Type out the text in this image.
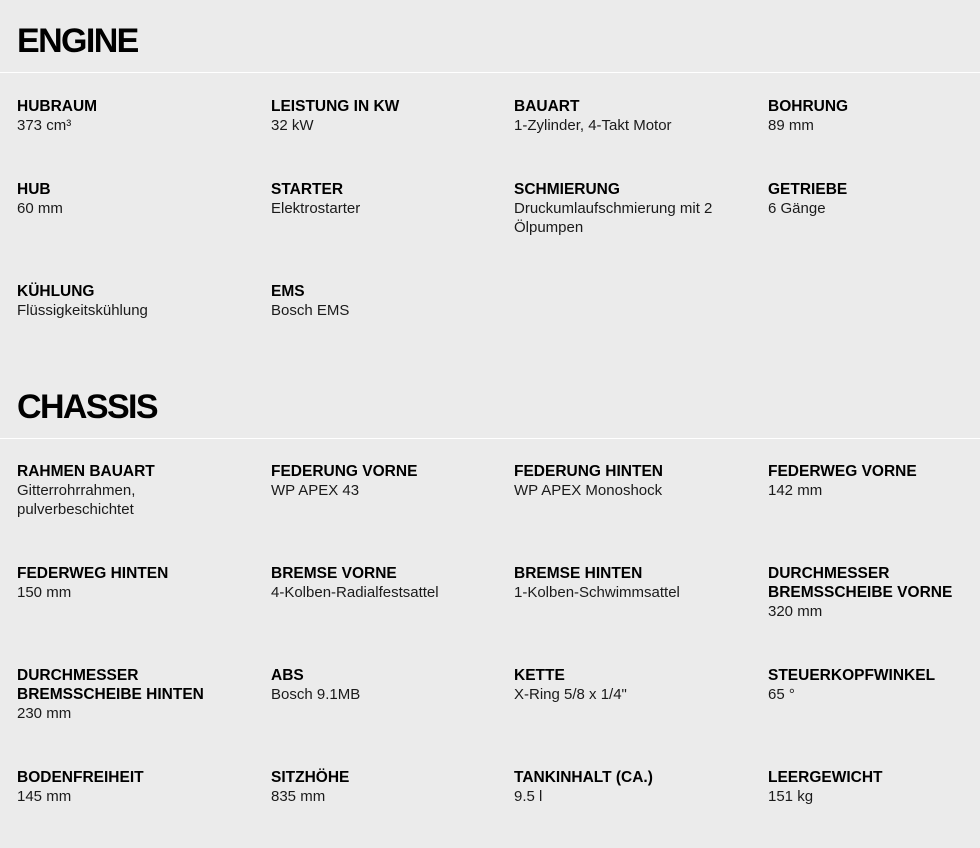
ENGINE

HUBRAUM

373 cm³

LEISTUNG IN KW

32 kW

BAUART

1-Zylinder, 4-Takt Motor

BOHRUNG

89 mm

HUB

60 mm

STARTER

Elektrostarter

SCHMIERUNG

Druckumlaufschmierung mit 2 Ölpumpen

GETRIEBE

6 Gänge

KÜHLUNG

Flüssigkeitskühlung

EMS

Bosch EMS

CHASSIS

RAHMEN BAUART

Gitterrohrrahmen, pulverbeschichtet

FEDERUNG VORNE

WP APEX 43

FEDERUNG HINTEN

WP APEX Monoshock

FEDERWEG VORNE

142 mm

FEDERWEG HINTEN

150 mm

BREMSE VORNE

4-Kolben-Radialfestsattel

BREMSE HINTEN

1-Kolben-Schwimmsattel

DURCHMESSER BREMSSCHEIBE VORNE

320 mm

DURCHMESSER BREMSSCHEIBE HINTEN

230 mm

ABS

Bosch 9.1MB

KETTE

X-Ring 5/8 x 1/4"

STEUERKOPFWINKEL

65 °

BODENFREIHEIT

145 mm

SITZHÖHE

835 mm

TANKINHALT (CA.)

9.5 l

LEERGEWICHT

151 kg
